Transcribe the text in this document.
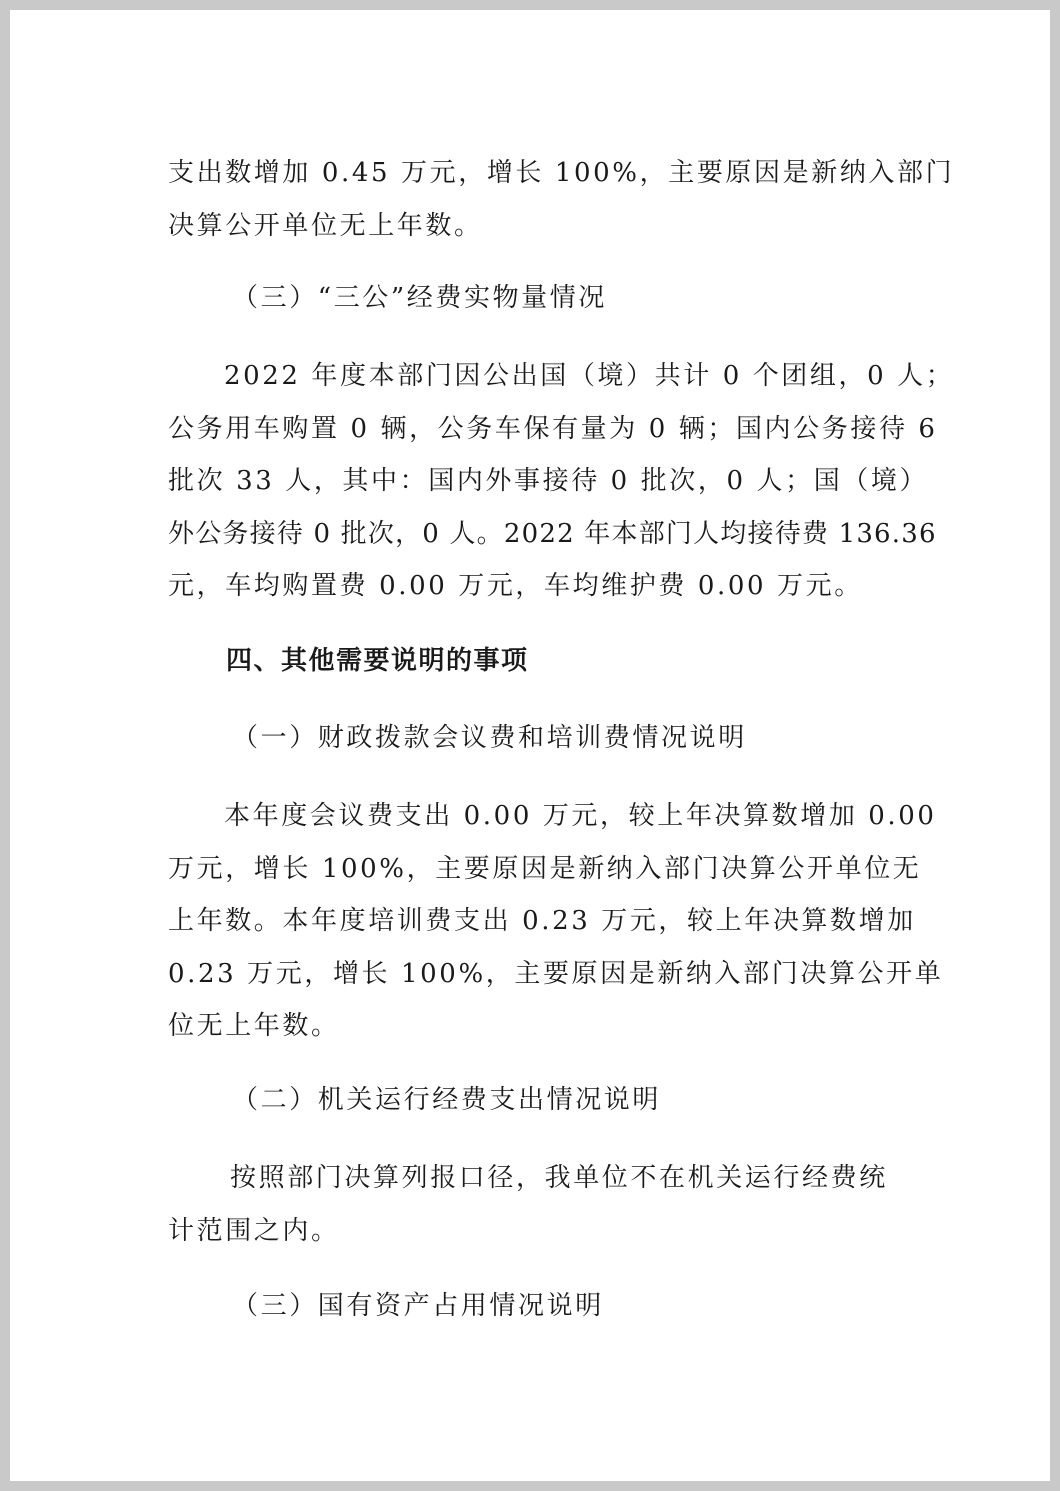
支出数增加 0.45 万元，增长 100%，主要原因是新纳入部门
决算公开单位无上年数。

（三）“三公”经费实物量情况

2022 年度本部门因公出国（境）共计 0 个团组，0 人；
公务用车购置 0 辆，公务车保有量为 0 辆；国内公务接待 6
批次 33 人，其中：国内外事接待 0 批次，0 人；国（境）
外公务接待 0 批次，0 人。2022 年本部门人均接待费 136.36
元，车均购置费 0.00 万元，车均维护费 0.00 万元。

四、其他需要说明的事项

（一）财政拨款会议费和培训费情况说明

本年度会议费支出 0.00 万元，较上年决算数增加 0.00
万元，增长 100%，主要原因是新纳入部门决算公开单位无
上年数。本年度培训费支出 0.23 万元，较上年决算数增加
0.23 万元，增长 100%，主要原因是新纳入部门决算公开单
位无上年数。

（二）机关运行经费支出情况说明

按照部门决算列报口径，我单位不在机关运行经费统
计范围之内。

（三）国有资产占用情况说明
